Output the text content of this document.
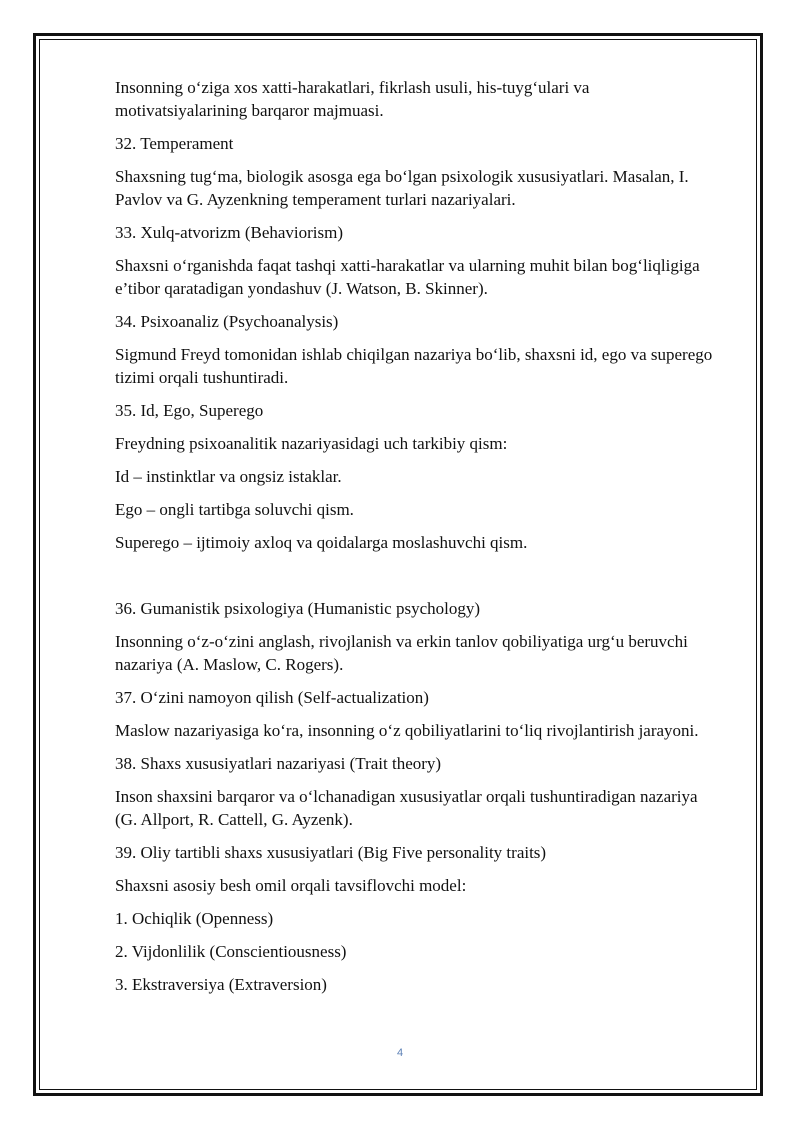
Insonning o‘ziga xos xatti-harakatlari, fikrlash usuli, his-tuyg‘ulari va motivatsiyalarining barqaror majmuasi.

32. Temperament

Shaxsning tug‘ma, biologik asosga ega bo‘lgan psixologik xususiyatlari. Masalan, I. Pavlov va G. Ayzenkning temperament turlari nazariyalari.

33. Xulq-atvorizm (Behaviorism)

Shaxsni o‘rganishda faqat tashqi xatti-harakatlar va ularning muhit bilan bog‘liqligiga e’tibor qaratadigan yondashuv (J. Watson, B. Skinner).

34. Psixoanaliz (Psychoanalysis)

Sigmund Freyd tomonidan ishlab chiqilgan nazariya bo‘lib, shaxsni id, ego va superego tizimi orqali tushuntiradi.

35. Id, Ego, Superego

Freydning psixoanalitik nazariyasidagi uch tarkibiy qism:

Id – instinktlar va ongsiz istaklar.

Ego – ongli tartibga soluvchi qism.

Superego – ijtimoiy axloq va qoidalarga moslashuvchi qism.

36. Gumanistik psixologiya (Humanistic psychology)

Insonning o‘z-o‘zini anglash, rivojlanish va erkin tanlov qobiliyatiga urg‘u beruvchi nazariya (A. Maslow, C. Rogers).

37. O‘zini namoyon qilish (Self-actualization)

Maslow nazariyasiga ko‘ra, insonning o‘z qobiliyatlarini to‘liq rivojlantirish jarayoni.

38. Shaxs xususiyatlari nazariyasi (Trait theory)

Inson shaxsini barqaror va o‘lchanadigan xususiyatlar orqali tushuntiradigan nazariya (G. Allport, R. Cattell, G. Ayzenk).

39. Oliy tartibli shaxs xususiyatlari (Big Five personality traits)

Shaxsni asosiy besh omil orqali tavsiflovchi model:

1. Ochiqlik (Openness)

2. Vijdonlilik (Conscientiousness)

3. Ekstraversiya (Extraversion)

4
